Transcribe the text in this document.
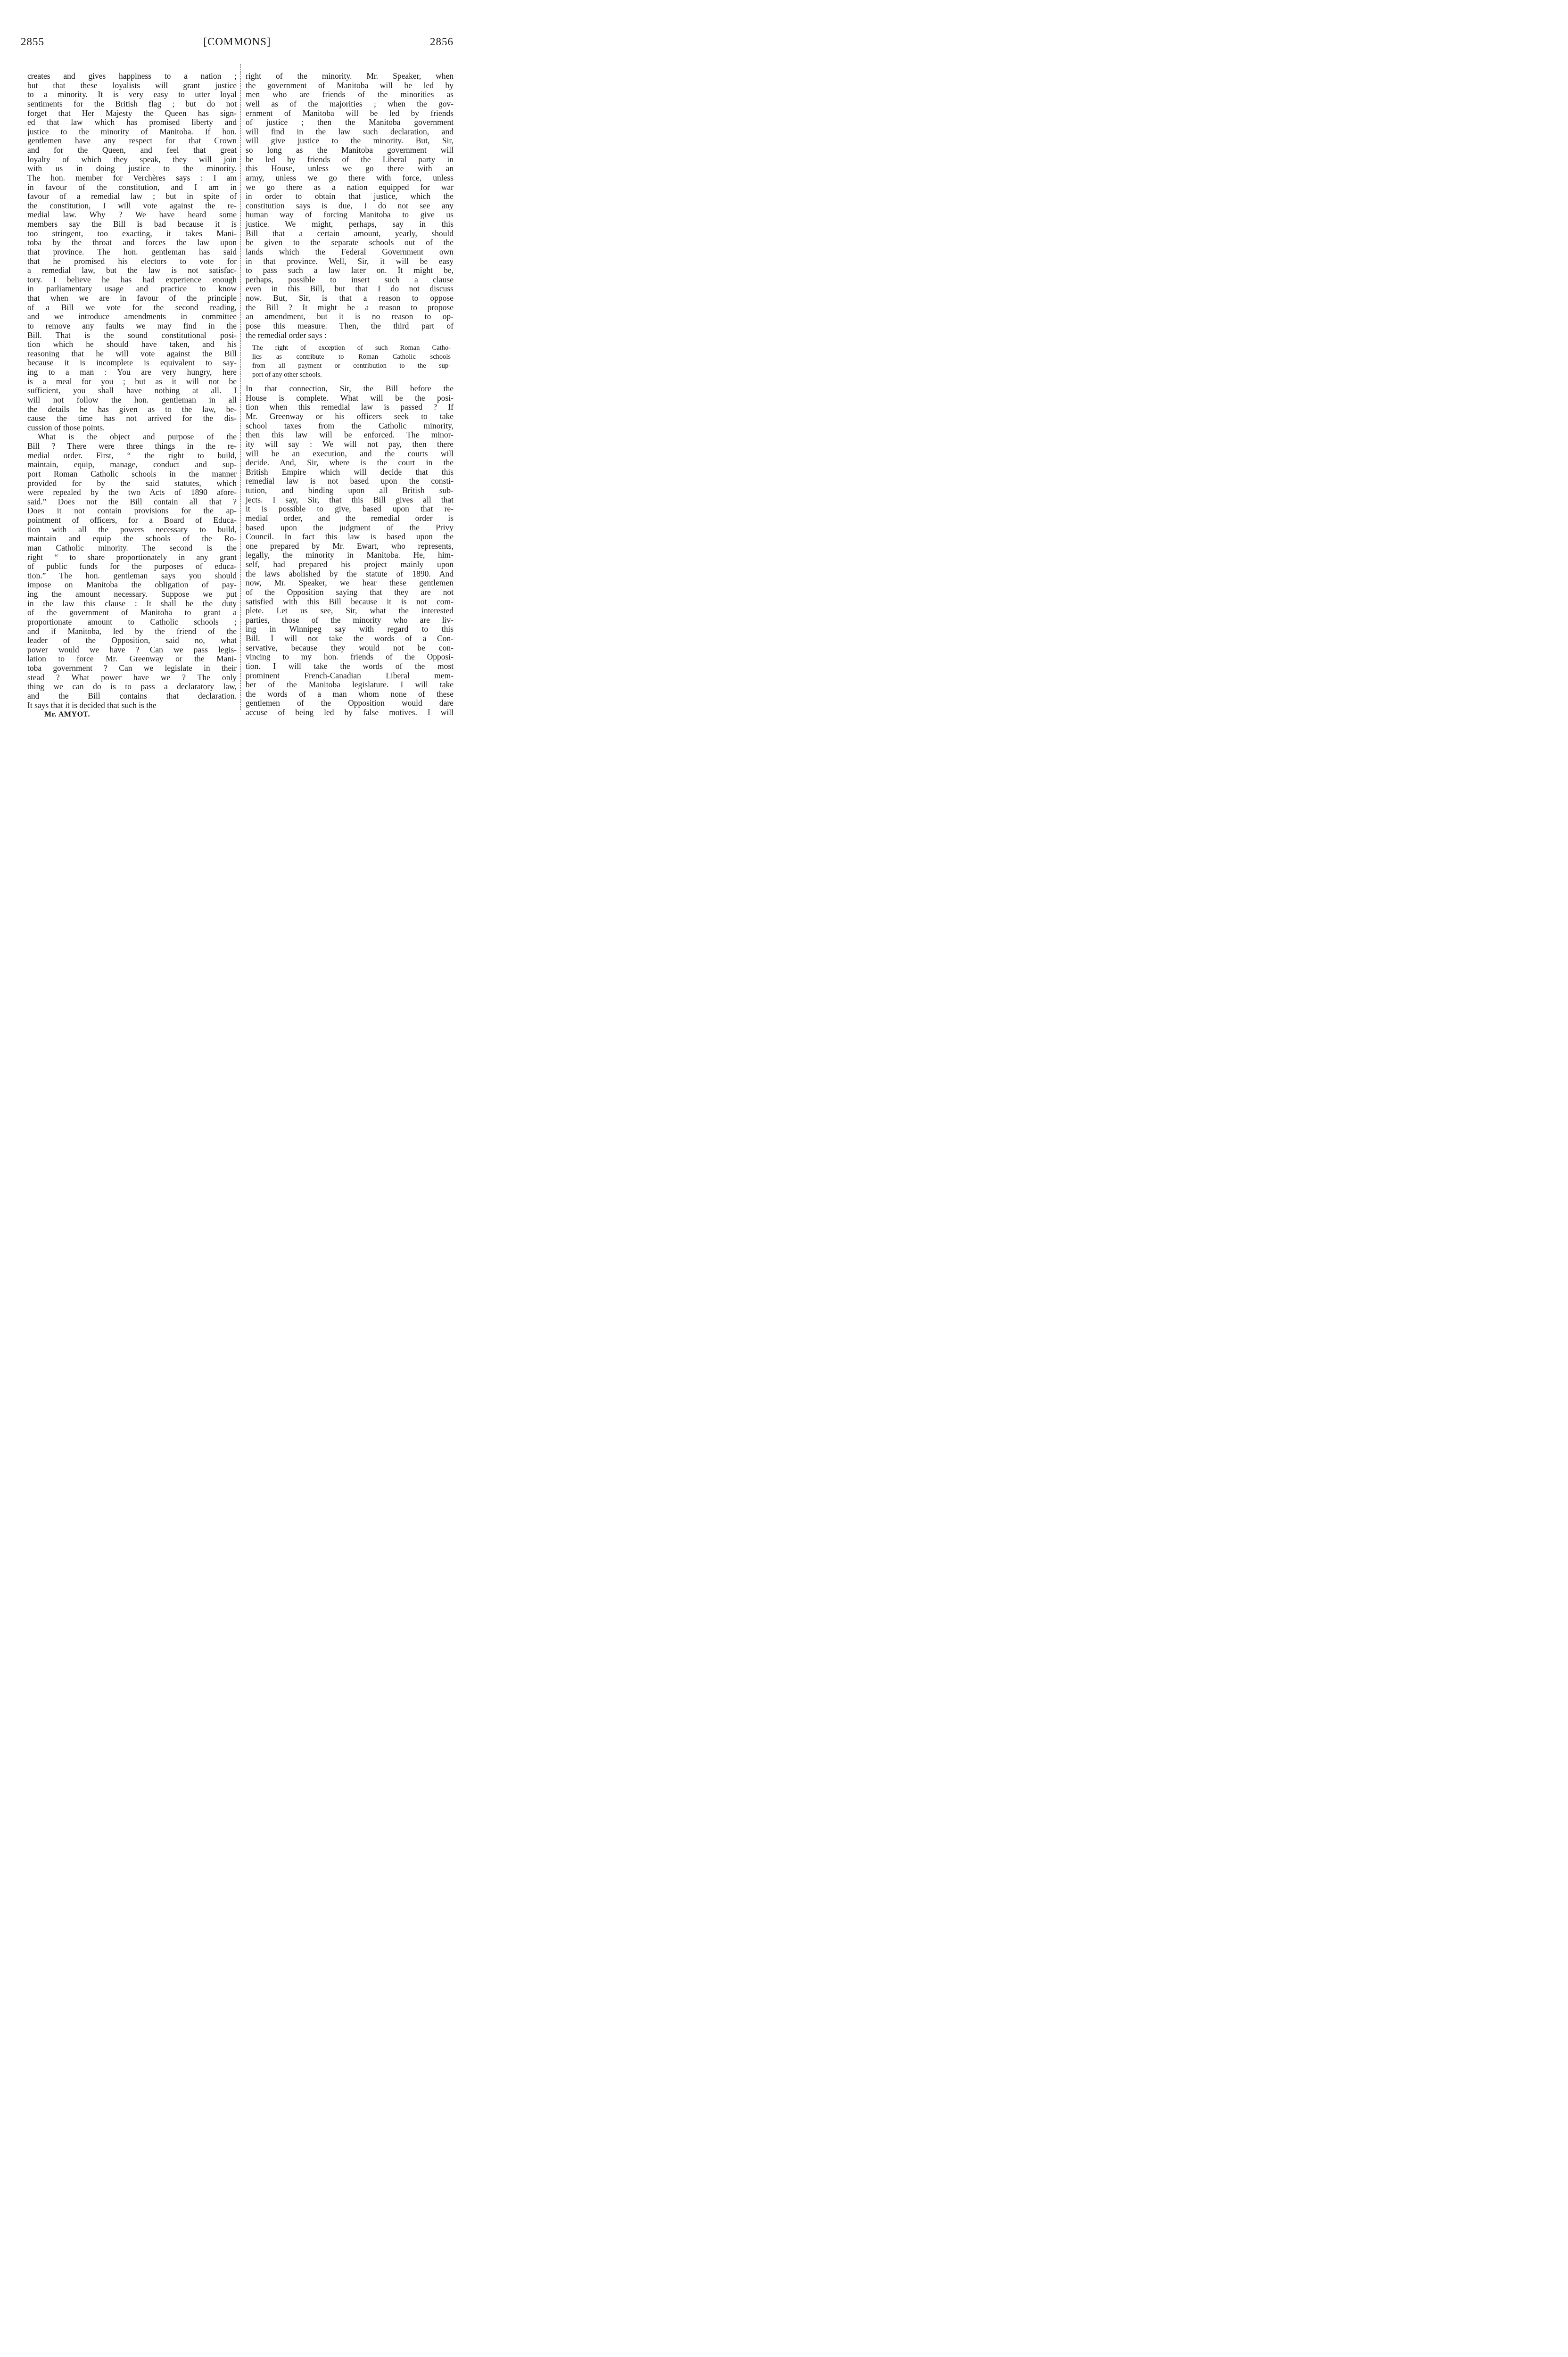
2855	[COMMONS]	2856

creates and gives happiness to a nation ;
but that these loyalists will grant justice
to a minority. It is very easy to utter loyal
sentiments for the British flag ; but do not
forget that Her Majesty the Queen has sign-
ed that law which has promised liberty and
justice to the minority of Manitoba. If hon.
gentlemen have any respect for that Crown
and for the Queen, and feel that great
loyalty of which they speak, they will join
with us in doing justice to the minority.
The hon. member for Verchères says : I am
in favour of the constitution, and I am in
favour of a remedial law ; but in spite of
the constitution, I will vote against the re-
medial law. Why ? We have heard some
members say the Bill is bad because it is
too stringent, too exacting, it takes Mani-
toba by the throat and forces the law upon
that province. The hon. gentleman has said
that he promised his electors to vote for
a remedial law, but the law is not satisfac-
tory. I believe he has had experience enough
in parliamentary usage and practice to know
that when we are in favour of the principle
of a Bill we vote for the second reading,
and we introduce amendments in committee
to remove any faults we may find in the
Bill. That is the sound constitutional posi-
tion which he should have taken, and his
reasoning that he will vote against the Bill
because it is incomplete is equivalent to say-
ing to a man : You are very hungry, here
is a meal for you ; but as it will not be
sufficient, you shall have nothing at all. I
will not follow the hon. gentleman in all
the details he has given as to the law, be-
cause the time has not arrived for the dis-
cussion of those points.

What is the object and purpose of the
Bill ? There were three things in the re-
medial order. First, “ the right to build,
maintain, equip, manage, conduct and sup-
port Roman Catholic schools in the manner
provided for by the said statutes, which
were repealed by the two Acts of 1890 afore-
said.” Does not the Bill contain all that ?
Does it not contain provisions for the ap-
pointment of officers, for a Board of Educa-
tion with all the powers necessary to build,
maintain and equip the schools of the Ro-
man Catholic minority. The second is the
right “ to share proportionately in any grant
of public funds for the purposes of educa-
tion.” The hon. gentleman says you should
impose on Manitoba the obligation of pay-
ing the amount necessary. Suppose we put
in the law this clause : It shall be the duty
of the government of Manitoba to grant a
proportionate amount to Catholic schools ;
and if Manitoba, led by the friend of the
leader of the Opposition, said no, what
power would we have ? Can we pass legis-
lation to force Mr. Greenway or the Mani-
toba government ? Can we legislate in their
stead ? What power have we ? The only
thing we can do is to pass a declaratory law,
and the Bill contains that declaration.
It says that it is decided that such is the

right of the minority. Mr. Speaker, when
the government of Manitoba will be led by
men who are friends of the minorities as
well as of the majorities ; when the gov-
ernment of Manitoba will be led by friends
of justice ; then the Manitoba government
will find in the law such declaration, and
will give justice to the minority. But, Sir,
so long as the Manitoba government will
be led by friends of the Liberal party in
this House, unless we go there with an
army, unless we go there with force, unless
we go there as a nation equipped for war
in order to obtain that justice, which the
constitution says is due, I do not see any
human way of forcing Manitoba to give us
justice. We might, perhaps, say in this
Bill that a certain amount, yearly, should
be given to the separate schools out of the
lands which the Federal Government own
in that province. Well, Sir, it will be easy
to pass such a law later on. It might be,
perhaps, possible to insert such a clause
even in this Bill, but that I do not discuss
now. But, Sir, is that a reason to oppose
the Bill ? It might be a reason to propose
an amendment, but it is no reason to op-
pose this measure. Then, the third part of
the remedial order says :

The right of exception of such Roman Catho-
lics as contribute to Roman Catholic schools
from all payment or contribution to the sup-
port of any other schools.

In that connection, Sir, the Bill before the
House is complete. What will be the posi-
tion when this remedial law is passed ? If
Mr. Greenway or his officers seek to take
school taxes from the Catholic minority,
then this law will be enforced. The minor-
ity will say : We will not pay, then there
will be an execution, and the courts will
decide. And, Sir, where is the court in the
British Empire which will decide that this
remedial law is not based upon the consti-
tution, and binding upon all British sub-
jects. I say, Sir, that this Bill gives all that
it is possible to give, based upon that re-
medial order, and the remedial order is
based upon the judgment of the Privy
Council. In fact this law is based upon the
one prepared by Mr. Ewart, who represents,
legally, the minority in Manitoba. He, him-
self, had prepared his project mainly upon
the laws abolished by the statute of 1890. And
now, Mr. Speaker, we hear these gentlemen
of the Opposition saying that they are not
satisfied with this Bill because it is not com-
plete. Let us see, Sir, what the interested
parties, those of the minority who are liv-
ing in Winnipeg say with regard to this
Bill. I will not take the words of a Con-
servative, because they would not be con-
vincing to my hon. friends of the Opposi-
tion. I will take the words of the most
prominent French-Canadian Liberal mem-
ber of the Manitoba legislature. I will take
the words of a man whom none of these
gentlemen of the Opposition would dare
accuse of being led by false motives. I will

Mr. AMYOT.
